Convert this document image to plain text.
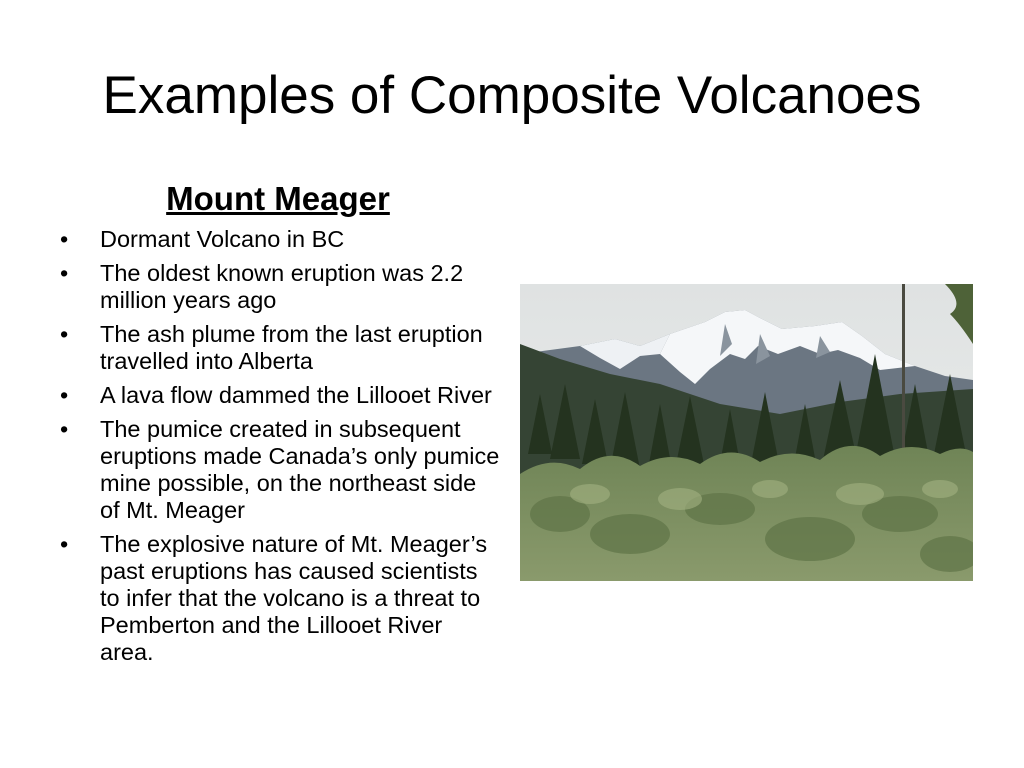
Examples of Composite Volcanoes
Mount Meager
• Dormant Volcano in BC
• The oldest known eruption was 2.2 million years ago
• The ash plume from the last eruption travelled into Alberta
• A lava flow dammed the Lillooet River
• The pumice created in subsequent eruptions made Canada’s only pumice mine possible, on the northeast side of Mt. Meager
• The explosive nature of Mt. Meager’s past eruptions has caused scientists to infer that the volcano is a threat to Pemberton and the Lillooet River area.
